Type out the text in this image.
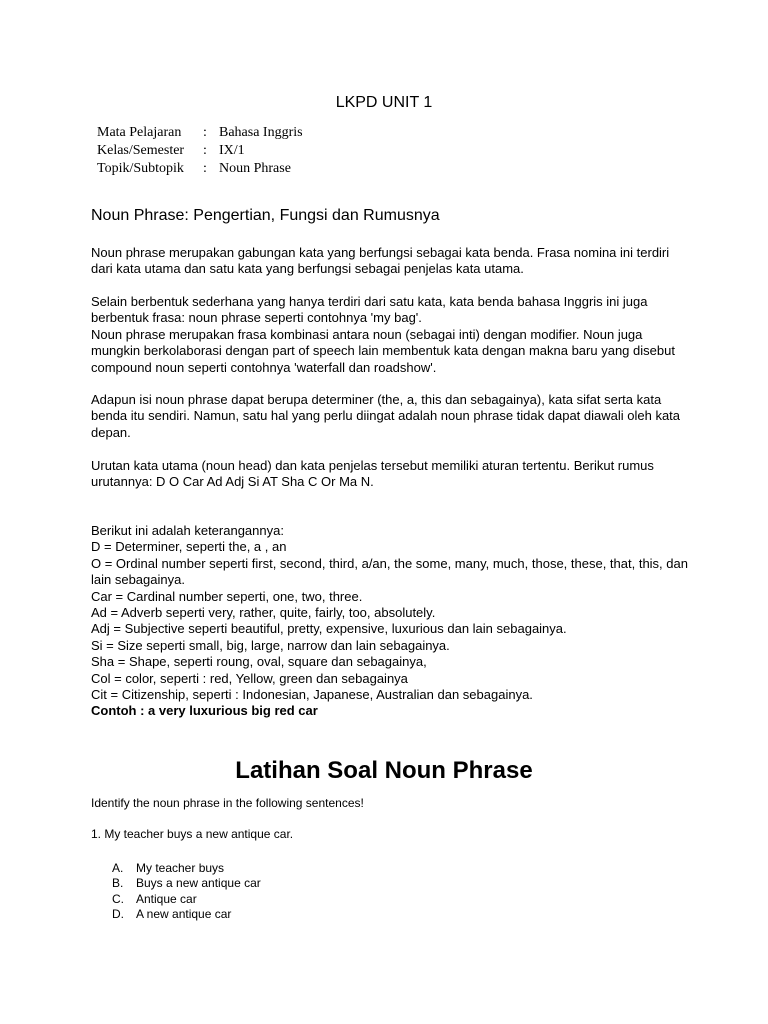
LKPD UNIT 1
Mata Pelajaran : Bahasa Inggris
Kelas/Semester : IX/1
Topik/Subtopik : Noun Phrase
Noun Phrase: Pengertian, Fungsi dan Rumusnya
Noun phrase merupakan gabungan kata yang berfungsi sebagai kata benda. Frasa nomina ini terdiri dari kata utama dan satu kata yang berfungsi sebagai penjelas kata utama.
Selain berbentuk sederhana yang hanya terdiri dari satu kata, kata benda bahasa Inggris ini juga berbentuk frasa: noun phrase seperti contohnya 'my bag'.
Noun phrase merupakan frasa kombinasi antara noun (sebagai inti) dengan modifier. Noun juga mungkin berkolaborasi dengan part of speech lain membentuk kata dengan makna baru yang disebut compound noun seperti contohnya 'waterfall dan roadshow'.
Adapun isi noun phrase dapat berupa determiner (the, a, this dan sebagainya), kata sifat serta kata benda itu sendiri. Namun, satu hal yang perlu diingat adalah noun phrase tidak dapat diawali oleh kata depan.
Urutan kata utama (noun head) dan kata penjelas tersebut memiliki aturan tertentu. Berikut rumus urutannya: D O Car Ad Adj Si AT Sha C Or Ma N.
Berikut ini adalah keterangannya:
D = Determiner, seperti the, a , an
O = Ordinal number seperti first, second, third, a/an, the some, many, much, those, these, that, this, dan lain sebagainya.
Car = Cardinal number seperti, one, two, three.
Ad = Adverb seperti very, rather, quite, fairly, too, absolutely.
Adj = Subjective seperti beautiful, pretty, expensive, luxurious dan lain sebagainya.
Si = Size seperti small, big, large, narrow dan lain sebagainya.
Sha = Shape, seperti roung, oval, square dan sebagainya,
Col = color, seperti : red, Yellow, green dan sebagainya
Cit = Citizenship, seperti : Indonesian, Japanese, Australian dan sebagainya.
Contoh : a very luxurious big red car
Latihan Soal Noun Phrase
Identify the noun phrase in the following sentences!
1. My teacher buys a new antique car.
A. My teacher buys
B. Buys a new antique car
C. Antique car
D. A new antique car
